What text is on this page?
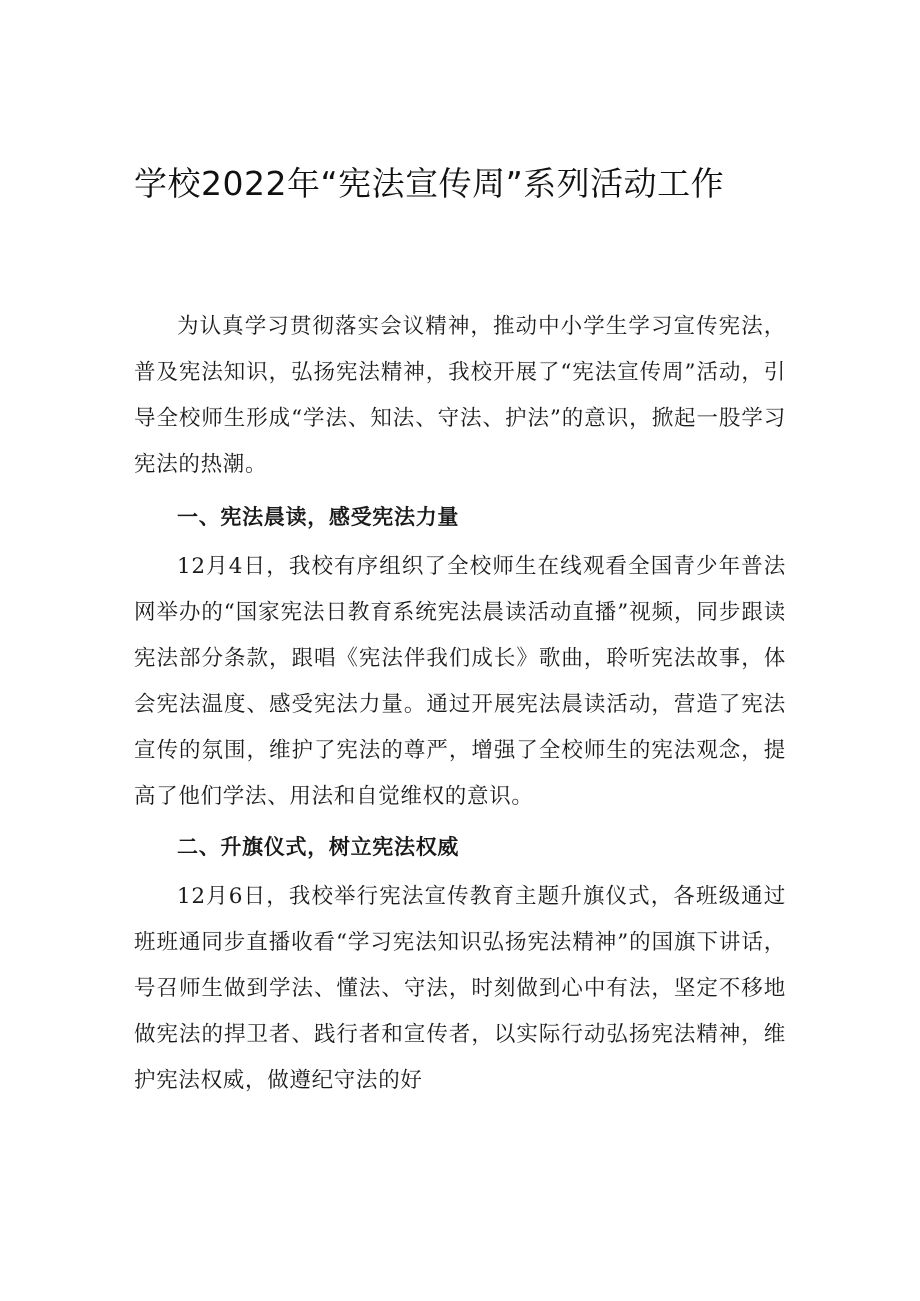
学校2022年“宪法宣传周”系列活动工作

为认真学习贯彻落实会议精神，推动中小学生学习宣传宪法，普及宪法知识，弘扬宪法精神，我校开展了“宪法宣传周”活动，引导全校师生形成“学法、知法、守法、护法”的意识，掀起一股学习宪法的热潮。

一、宪法晨读，感受宪法力量

12月4日，我校有序组织了全校师生在线观看全国青少年普法网举办的“国家宪法日教育系统宪法晨读活动直播”视频，同步跟读宪法部分条款，跟唱《宪法伴我们成长》歌曲，聆听宪法故事，体会宪法温度、感受宪法力量。通过开展宪法晨读活动，营造了宪法宣传的氛围，维护了宪法的尊严，增强了全校师生的宪法观念，提高了他们学法、用法和自觉维权的意识。

二、升旗仪式，树立宪法权威

12月6日，我校举行宪法宣传教育主题升旗仪式，各班级通过班班通同步直播收看“学习宪法知识弘扬宪法精神”的国旗下讲话，号召师生做到学法、懂法、守法，时刻做到心中有法，坚定不移地做宪法的捍卫者、践行者和宣传者，以实际行动弘扬宪法精神，维护宪法权威，做遵纪守法的好
